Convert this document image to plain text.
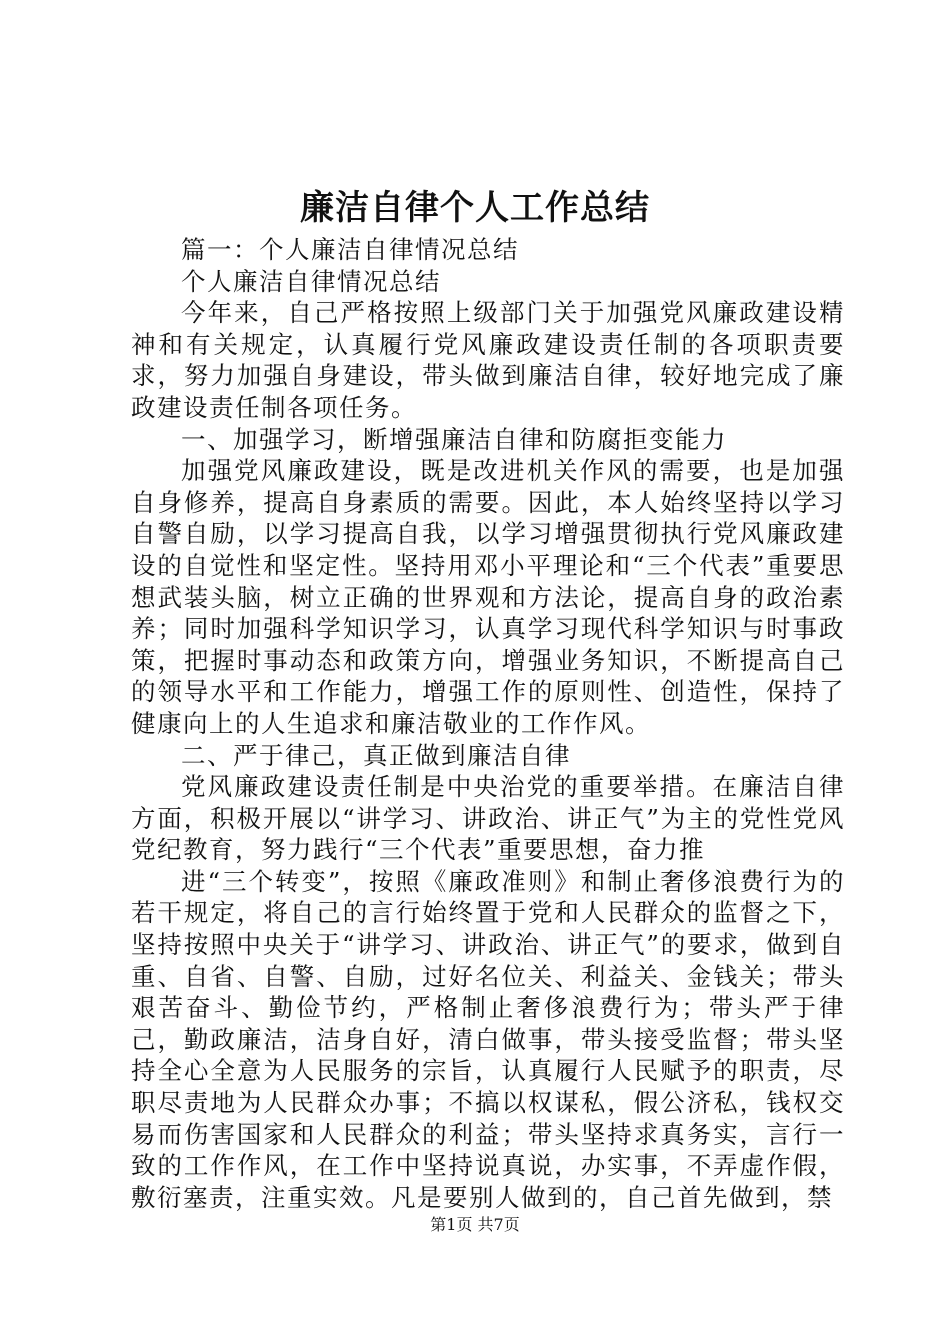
廉洁自律个人工作总结

篇一：个人廉洁自律情况总结

个人廉洁自律情况总结

今年来，自己严格按照上级部门关于加强党风廉政建设精神和有关规定，认真履行党风廉政建设责任制的各项职责要求，努力加强自身建设，带头做到廉洁自律，较好地完成了廉政建设责任制各项任务。

一、加强学习，断增强廉洁自律和防腐拒变能力

加强党风廉政建设，既是改进机关作风的需要，也是加强自身修养，提高自身素质的需要。因此，本人始终坚持以学习自警自励，以学习提高自我，以学习增强贯彻执行党风廉政建设的自觉性和坚定性。坚持用邓小平理论和“三个代表”重要思想武装头脑，树立正确的世界观和方法论，提高自身的政治素养；同时加强科学知识学习，认真学习现代科学知识与时事政策，把握时事动态和政策方向，增强业务知识，不断提高自己的领导水平和工作能力，增强工作的原则性、创造性，保持了健康向上的人生追求和廉洁敬业的工作作风。

二、严于律己，真正做到廉洁自律

党风廉政建设责任制是中央治党的重要举措。在廉洁自律方面，积极开展以“讲学习、讲政治、讲正气”为主的党性党风党纪教育，努力践行“三个代表”重要思想，奋力推

进“三个转变”，按照《廉政准则》和制止奢侈浪费行为的若干规定，将自己的言行始终置于党和人民群众的监督之下，坚持按照中央关于“讲学习、讲政治、讲正气”的要求，做到自重、自省、自警、自励，过好名位关、利益关、金钱关；带头艰苦奋斗、勤俭节约，严格制止奢侈浪费行为；带头严于律己，勤政廉洁，洁身自好，清白做事，带头接受监督；带头坚持全心全意为人民服务的宗旨，认真履行人民赋予的职责，尽职尽责地为人民群众办事；不搞以权谋私，假公济私，钱权交易而伤害国家和人民群众的利益；带头坚持求真务实，言行一致的工作作风，在工作中坚持说真说，办实事，不弄虚作假，敷衍塞责，注重实效。凡是要别人做到的，自己首先做到，禁

第1页 共7页
